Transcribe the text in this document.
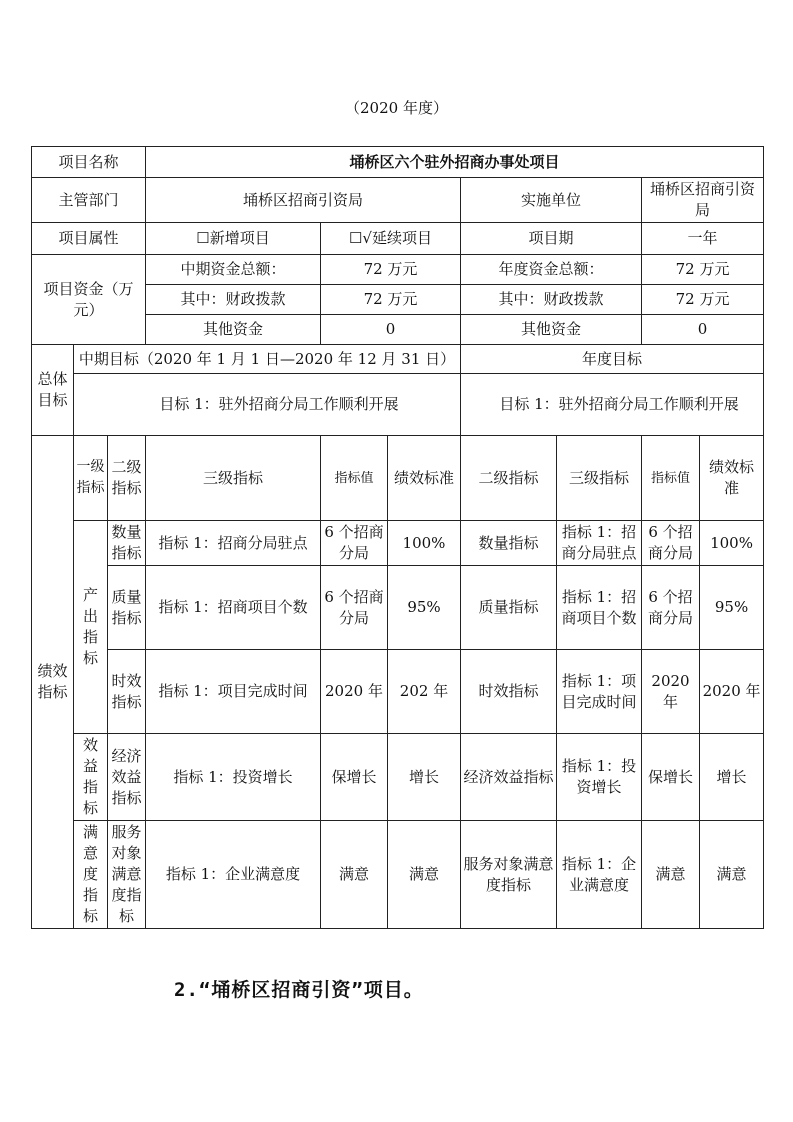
（2020 年度）
项目名称			埇桥区六个驻外招商办事处项目						
主管部门			埇桥区招商引资局			实施单位		埇桥区招商引资局	
项目属性			☐新增项目	☐√延续项目		项目期		一年	
项目资金（万元）			中期资金总额：	72 万元		年度资金总额：		72 万元	
			其中：财政拨款	72 万元		其中：财政拨款		72 万元	
			其他资金	0		其他资金		0	
总体目标	中期目标（2020 年 1 月 1 日—2020 年 12 月 31 日）					年度目标			
	目标 1：驻外招商分局工作顺利开展					目标 1：驻外招商分局工作顺利开展			
绩效指标	一级指标	二级指标	三级指标	指标值	绩效标准	二级指标	三级指标	指标值	绩效标准
	产出指标	数量指标	指标 1：招商分局驻点	6 个招商分局	100%	数量指标	指标 1：招商分局驻点	6 个招商分局	100%
		质量指标	指标 1：招商项目个数	6 个招商分局	95%	质量指标	指标 1：招商项目个数	6 个招商分局	95%
		时效指标	指标 1：项目完成时间	2020 年	202 年	时效指标	指标 1：项目完成时间	2020 年	2020 年
	效益指标	经济效益指标	指标 1：投资增长	保增长	增长	经济效益指标	指标 1：投资增长	保增长	增长
	满意度指标	服务对象满意度指标	指标 1：企业满意度	满意	满意	服务对象满意度指标	指标 1：企业满意度	满意	满意
2.“埇桥区招商引资”项目。
